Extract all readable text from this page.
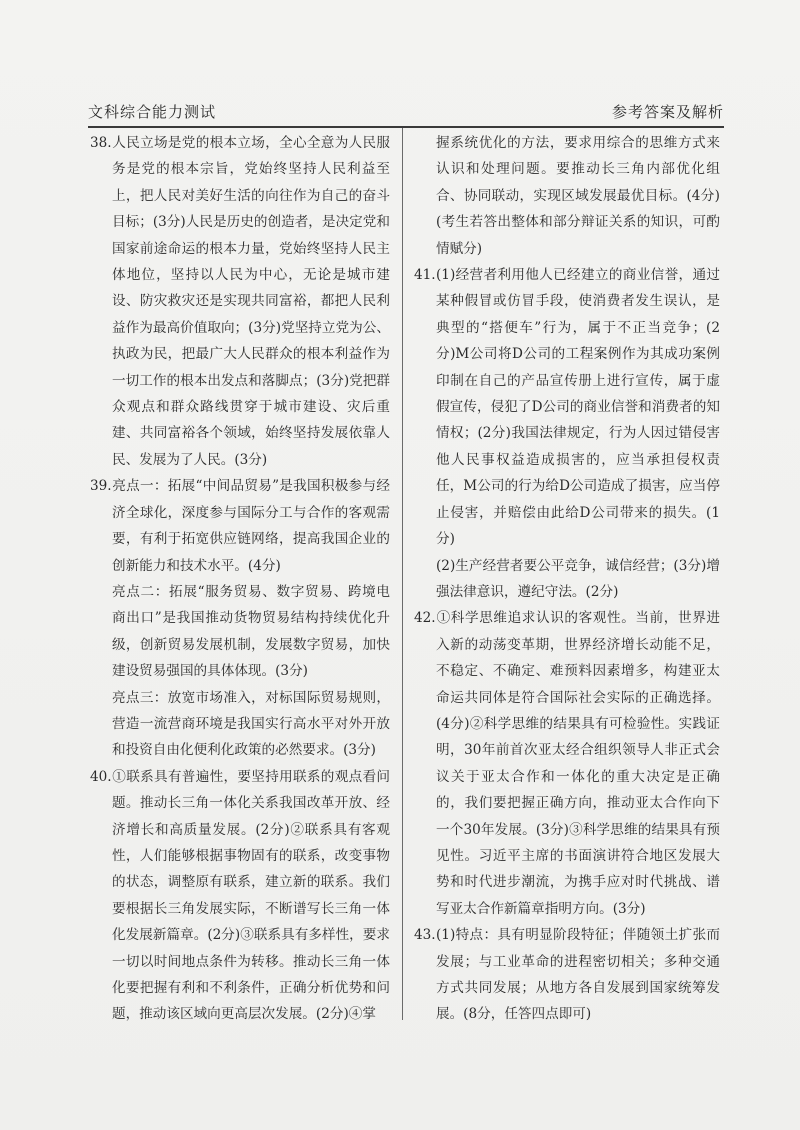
文科综合能力测试	参考答案及解析

38.人民立场是党的根本立场，全心全意为人民服务是党的根本宗旨，党始终坚持人民利益至上，把人民对美好生活的向往作为自己的奋斗目标；(3分)人民是历史的创造者，是决定党和国家前途命运的根本力量，党始终坚持人民主体地位，坚持以人民为中心，无论是城市建设、防灾救灾还是实现共同富裕，都把人民利益作为最高价值取向；(3分)党坚持立党为公、执政为民，把最广大人民群众的根本利益作为一切工作的根本出发点和落脚点；(3分)党把群众观点和群众路线贯穿于城市建设、灾后重建、共同富裕各个领域，始终坚持发展依靠人民、发展为了人民。(3分)

39.亮点一：拓展“中间品贸易”是我国积极参与经济全球化，深度参与国际分工与合作的客观需要，有利于拓宽供应链网络，提高我国企业的创新能力和技术水平。(4分)

亮点二：拓展“服务贸易、数字贸易、跨境电商出口”是我国推动货物贸易结构持续优化升级，创新贸易发展机制，发展数字贸易，加快建设贸易强国的具体体现。(3分)

亮点三：放宽市场准入，对标国际贸易规则，营造一流营商环境是我国实行高水平对外开放和投资自由化便利化政策的必然要求。(3分)

40.①联系具有普遍性，要坚持用联系的观点看问题。推动长三角一体化关系我国改革开放、经济增长和高质量发展。(2分)②联系具有客观性，人们能够根据事物固有的联系，改变事物的状态，调整原有联系，建立新的联系。我们要根据长三角发展实际，不断谱写长三角一体化发展新篇章。(2分)③联系具有多样性，要求一切以时间地点条件为转移。推动长三角一体化要把握有利和不利条件，正确分析优势和问题，推动该区域向更高层次发展。(2分)④掌

握系统优化的方法，要求用综合的思维方式来认识和处理问题。要推动长三角内部优化组合、协同联动，实现区域发展最优目标。(4分)(考生若答出整体和部分辩证关系的知识，可酌情赋分)

41.(1)经营者利用他人已经建立的商业信誉，通过某种假冒或仿冒手段，使消费者发生误认，是典型的“搭便车”行为，属于不正当竞争；(2分)M公司将D公司的工程案例作为其成功案例印制在自己的产品宣传册上进行宣传，属于虚假宣传，侵犯了D公司的商业信誉和消费者的知情权；(2分)我国法律规定，行为人因过错侵害他人民事权益造成损害的，应当承担侵权责任，M公司的行为给D公司造成了损害，应当停止侵害，并赔偿由此给D公司带来的损失。(1分)

(2)生产经营者要公平竞争，诚信经营；(3分)增强法律意识，遵纪守法。(2分)

42.①科学思维追求认识的客观性。当前，世界进入新的动荡变革期，世界经济增长动能不足，不稳定、不确定、难预料因素增多，构建亚太命运共同体是符合国际社会实际的正确选择。(4分)②科学思维的结果具有可检验性。实践证明，30年前首次亚太经合组织领导人非正式会议关于亚太合作和一体化的重大决定是正确的，我们要把握正确方向，推动亚太合作向下一个30年发展。(3分)③科学思维的结果具有预见性。习近平主席的书面演讲符合地区发展大势和时代进步潮流，为携手应对时代挑战、谱写亚太合作新篇章指明方向。(3分)

43.(1)特点：具有明显阶段特征；伴随领土扩张而发展；与工业革命的进程密切相关；多种交通方式共同发展；从地方各自发展到国家统筹发展。(8分，任答四点即可)
